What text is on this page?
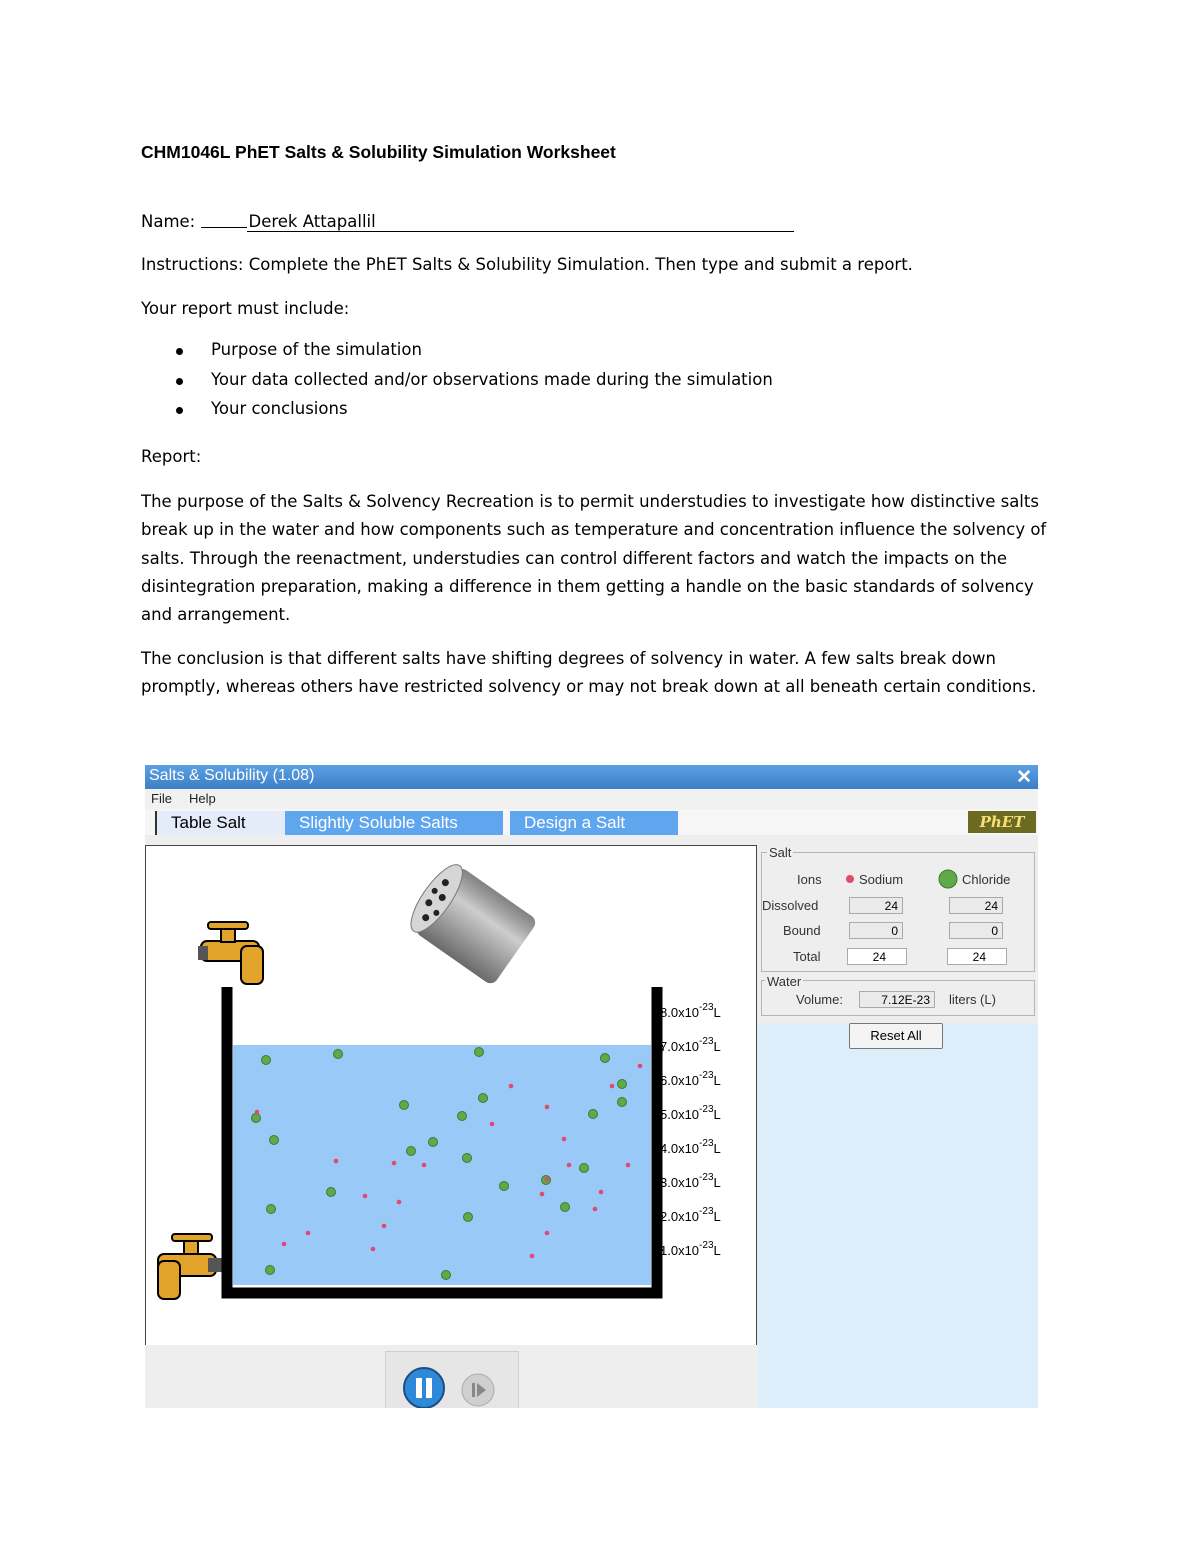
CHM1046L PhET Salts & Solubility Simulation Worksheet
Name:	Derek Attapallil
Instructions: Complete the PhET Salts & Solubility Simulation. Then type and submit a report.
Your report must include:
Purpose of the simulation
Your data collected and/or observations made during the simulation
Your conclusions
Report:
The purpose of the Salts & Solvency Recreation is to permit understudies to investigate how distinctive salts break up in the water and how components such as temperature and concentration influence the solvency of salts. Through the reenactment, understudies can control different factors and watch the impacts on the disintegration preparation, making a difference in them getting a handle on the basic standards of solvency and arrangement.
The conclusion is that different salts have shifting degrees of solvency in water. A few salts break down promptly, whereas others have restricted solvency or may not break down at all beneath certain conditions.
Salts & Solubility (1.08)	✕
File Help
Table Salt	Slightly Soluble Salts	Design a Salt	PhET
$8.0x10^{-23}L$
$7.0x10^{-23}L$
$6.0x10^{-23}L$
$5.0x10^{-23}L$
$4.0x10^{-23}L$
$3.0x10^{-23}L$
$2.0x10^{-23}L$
$1.0x10^{-23}L$
Salt
Ions	Sodium	Chloride
Dissolved	24	24
Bound	0	0
Total	24	24
Water
Volume:	7.12E-23	liters (L)
Reset All
